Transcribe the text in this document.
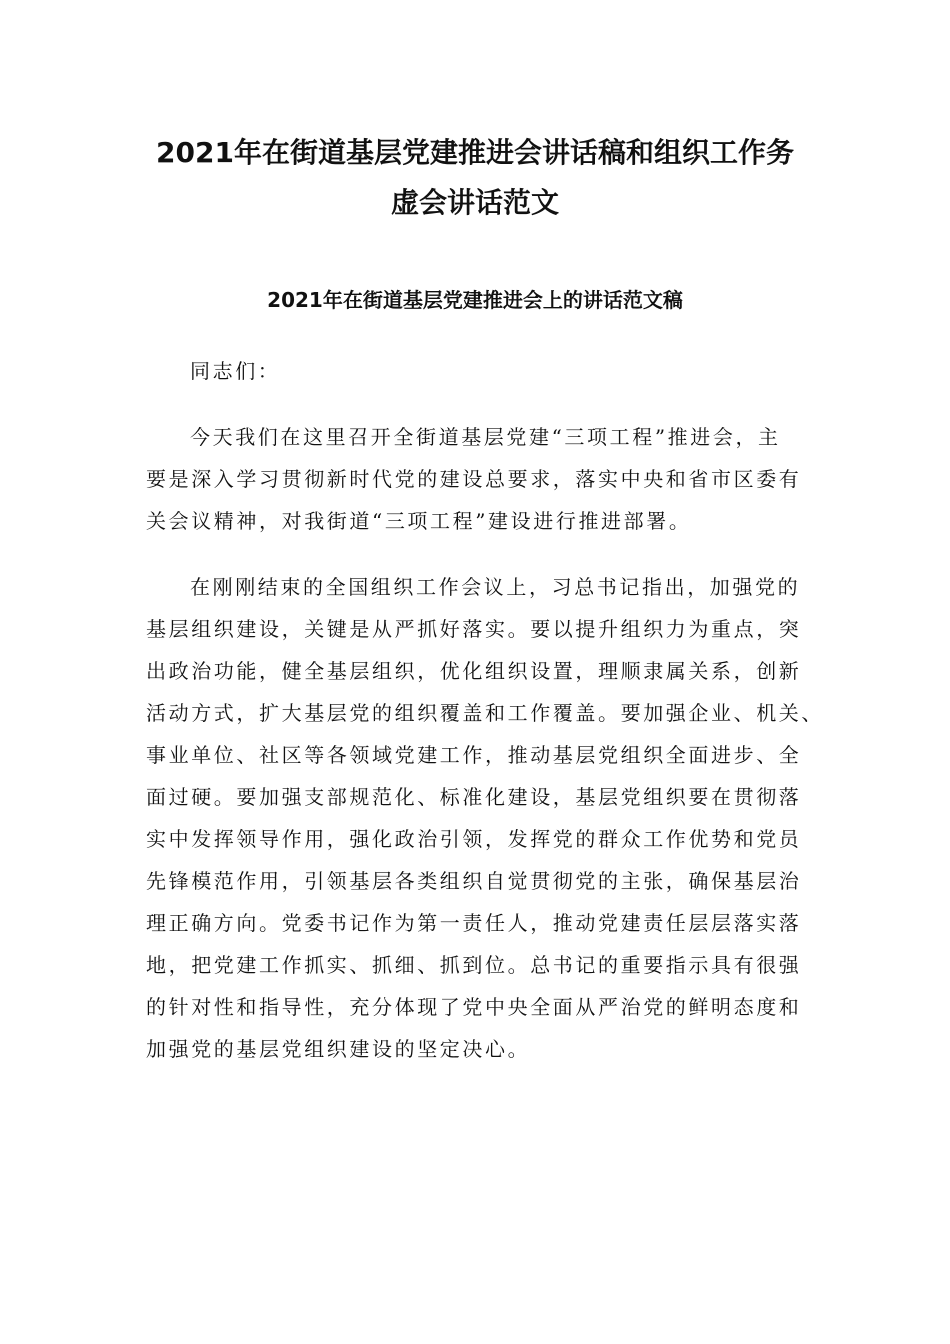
2021年在街道基层党建推进会讲话稿和组织工作务
虚会讲话范文
2021年在街道基层党建推进会上的讲话范文稿

同志们：

今天我们在这里召开全街道基层党建“三项工程”推进会，主
要是深入学习贯彻新时代党的建设总要求，落实中央和省市区委有
关会议精神，对我街道“三项工程”建设进行推进部署。

在刚刚结束的全国组织工作会议上，习总书记指出，加强党的
基层组织建设，关键是从严抓好落实。要以提升组织力为重点，突
出政治功能，健全基层组织，优化组织设置，理顺隶属关系，创新
活动方式，扩大基层党的组织覆盖和工作覆盖。要加强企业、机关、
事业单位、社区等各领域党建工作，推动基层党组织全面进步、全
面过硬。要加强支部规范化、标准化建设，基层党组织要在贯彻落
实中发挥领导作用，强化政治引领，发挥党的群众工作优势和党员
先锋模范作用，引领基层各类组织自觉贯彻党的主张，确保基层治
理正确方向。党委书记作为第一责任人，推动党建责任层层落实落
地，把党建工作抓实、抓细、抓到位。总书记的重要指示具有很强
的针对性和指导性，充分体现了党中央全面从严治党的鲜明态度和
加强党的基层党组织建设的坚定决心。
